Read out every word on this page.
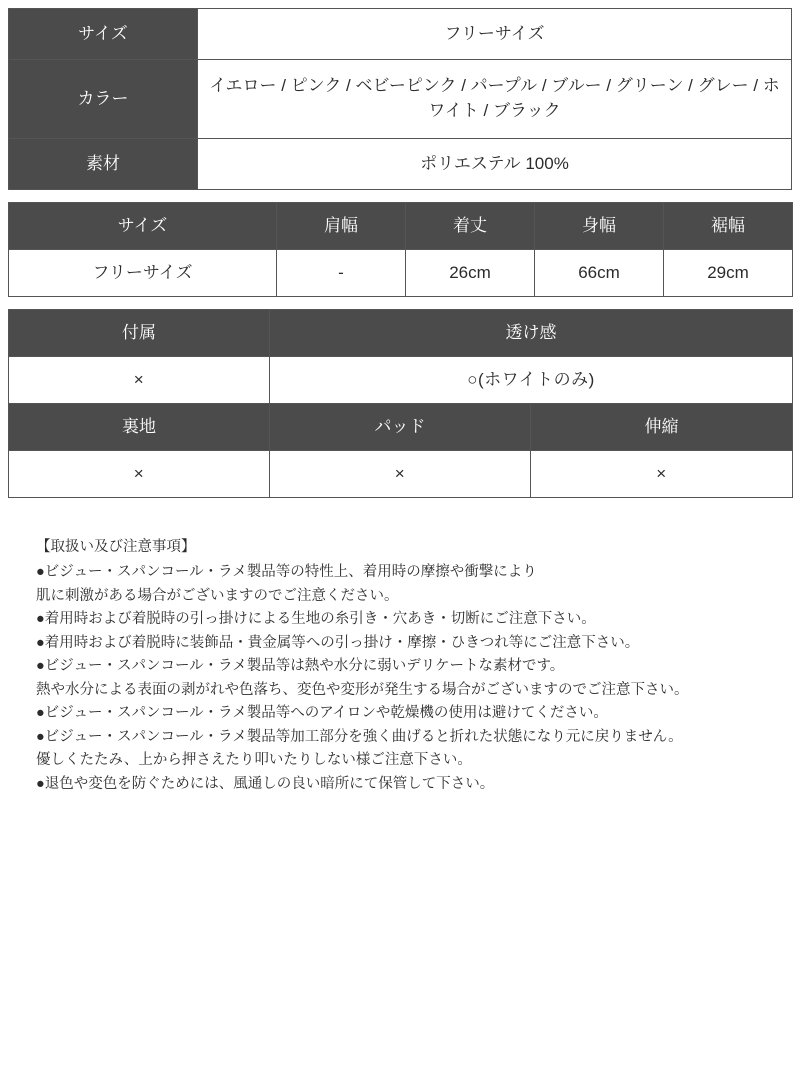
サイズ	フリーサイズ
カラー	イエロー / ピンク / ベビーピンク / パープル / ブルー / グリーン / グレー / ホワイト / ブラック
素材	ポリエステル 100%
サイズ	肩幅	着丈	身幅	裾幅
フリーサイズ	-	26cm	66cm	29cm
付属	透け感	
×	○(ホワイトのみ)	
裏地	パッド	伸縮
×	×	×

【取扱い及び注意事項】

●ビジュー・スパンコール・ラメ製品等の特性上、着用時の摩擦や衝撃により

肌に刺激がある場合がございますのでご注意ください。

●着用時および着脱時の引っ掛けによる生地の糸引き・穴あき・切断にご注意下さい。

●着用時および着脱時に装飾品・貴金属等への引っ掛け・摩擦・ひきつれ等にご注意下さい。

●ビジュー・スパンコール・ラメ製品等は熱や水分に弱いデリケートな素材です。

熱や水分による表面の剥がれや色落ち、変色や変形が発生する場合がございますのでご注意下さい。

●ビジュー・スパンコール・ラメ製品等へのアイロンや乾燥機の使用は避けてください。

●ビジュー・スパンコール・ラメ製品等加工部分を強く曲げると折れた状態になり元に戻りません。

優しくたたみ、上から押さえたり叩いたりしない様ご注意下さい。

●退色や変色を防ぐためには、風通しの良い暗所にて保管して下さい。
